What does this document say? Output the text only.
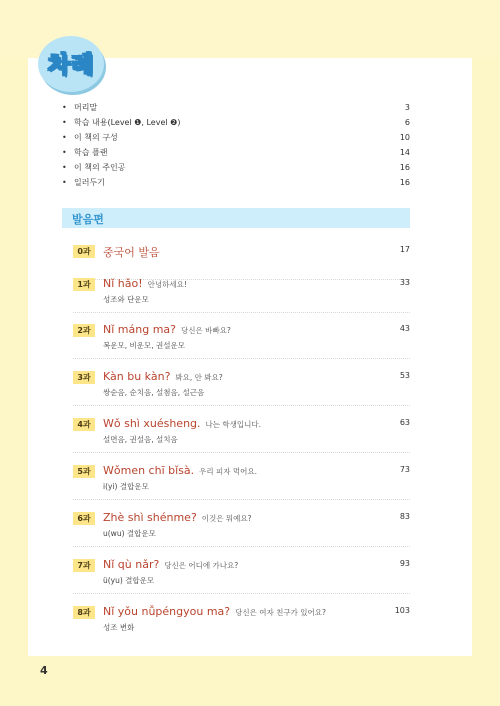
차례
• 머리말	3
• 학습 내용(Level ❶, Level ❷)	6
• 이 책의 구성	10
• 학습 플랜	14
• 이 책의 주인공	16
• 일러두기	16
발음편
0과	중국어 발음	17
1과	Nǐ hǎo! 안녕하세요!	33
성조와 단운모
2과	Nǐ máng ma? 당신은 바빠요?	43
복운모, 비운모, 권설운모
3과	Kàn bu kàn? 봐요, 안 봐요?	53
쌍순음, 순치음, 설첨음, 설근음
4과	Wǒ shì xuésheng. 나는 학생입니다.	63
설면음, 권설음, 설치음
5과	Wǒmen chī bǐsà. 우리 피자 먹어요.	73
i(yi) 결합운모
6과	Zhè shì shénme? 이것은 뭐예요?	83
u(wu) 결합운모
7과	Nǐ qù nǎr? 당신은 어디에 가나요?	93
ü(yu) 결합운모
8과	Nǐ yǒu nǚpéngyou ma? 당신은 여자 친구가 있어요?	103
성조 변화
4
